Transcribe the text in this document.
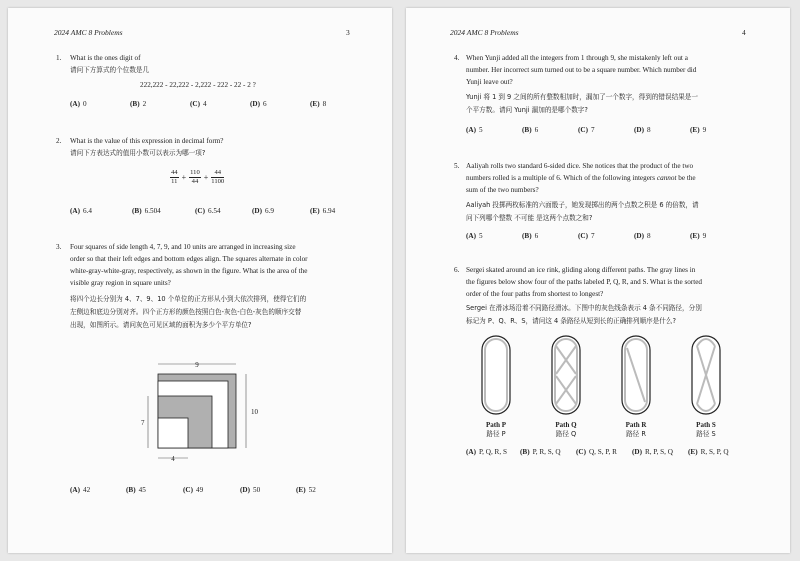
2024 AMC 8 Problems	3
1. What is the ones digit of
请问下方算式的个位数是几
222,222 - 22,222 - 2,222 - 222 - 22 - 2 ?
(A) 0	(B) 2	(C) 4	(D) 6	(E) 8
2. What is the value of this expression in decimal form?
请问下方表达式的值用小数可以表示为哪一项?
$\frac{44}{11} + \frac{110}{44} + \frac{44}{1100}$
(A) 6.4	(B) 6.504	(C) 6.54	(D) 6.9	(E) 6.94
3. Four squares of side length 4, 7, 9, and 10 units are arranged in increasing size
order so that their left edges and bottom edges align. The squares alternate in color
white-gray-white-gray, respectively, as shown in the figure. What is the area of the
visible gray region in square units?
将四个边长分别为 4、7、9、10 个单位的正方形从小到大依次排列，使得它们的
左侧边和底边分别对齐。四个正方形的颜色按照白色-灰色-白色-灰色的顺序交替
出现，如图所示。请问灰色可见区域的面积为多少个平方单位?
9
10
7
4
(A) 42	(B) 45	(C) 49	(D) 50	(E) 52
2024 AMC 8 Problems	4
4. When Yunji added all the integers from 1 through 9, she mistakenly left out a
number. Her incorrect sum turned out to be a square number. Which number did
Yunji leave out?
Yunji 将 1 到 9 之间的所有整数相加时，漏加了一个数字，得到的错误结果是一
个平方数。请问 Yunji 漏加的是哪个数字?
(A) 5	(B) 6	(C) 7	(D) 8	(E) 9
5. Aaliyah rolls two standard 6-sided dice. She notices that the product of the two
numbers rolled is a multiple of 6. Which of the following integers cannot be the
sum of the two numbers?
Aaliyah 投掷两枚标准的六面骰子，她发现掷出的两个点数之积是 6 的倍数，请
问下列哪个整数 不可能 是这两个点数之和?
(A) 5	(B) 6	(C) 7	(D) 8	(E) 9
6. Sergei skated around an ice rink, gliding along different paths. The gray lines in
the figures below show four of the paths labeled P, Q, R, and S. What is the sorted
order of the four paths from shortest to longest?
Sergei 在滑冰场沿着不同路径滑冰。下图中的灰色线条表示 4 条不同路径，分别
标记为 P、Q、R、S，请问这 4 条路径从短到长的正确排列顺序是什么?
Path P
路径 P
Path Q
路径 Q
Path R
路径 R
Path S
路径 S
(A) P, Q, R, S (B) P, R, S, Q (C) Q, S, P, R (D) R, P, S, Q (E) R, S, P, Q
